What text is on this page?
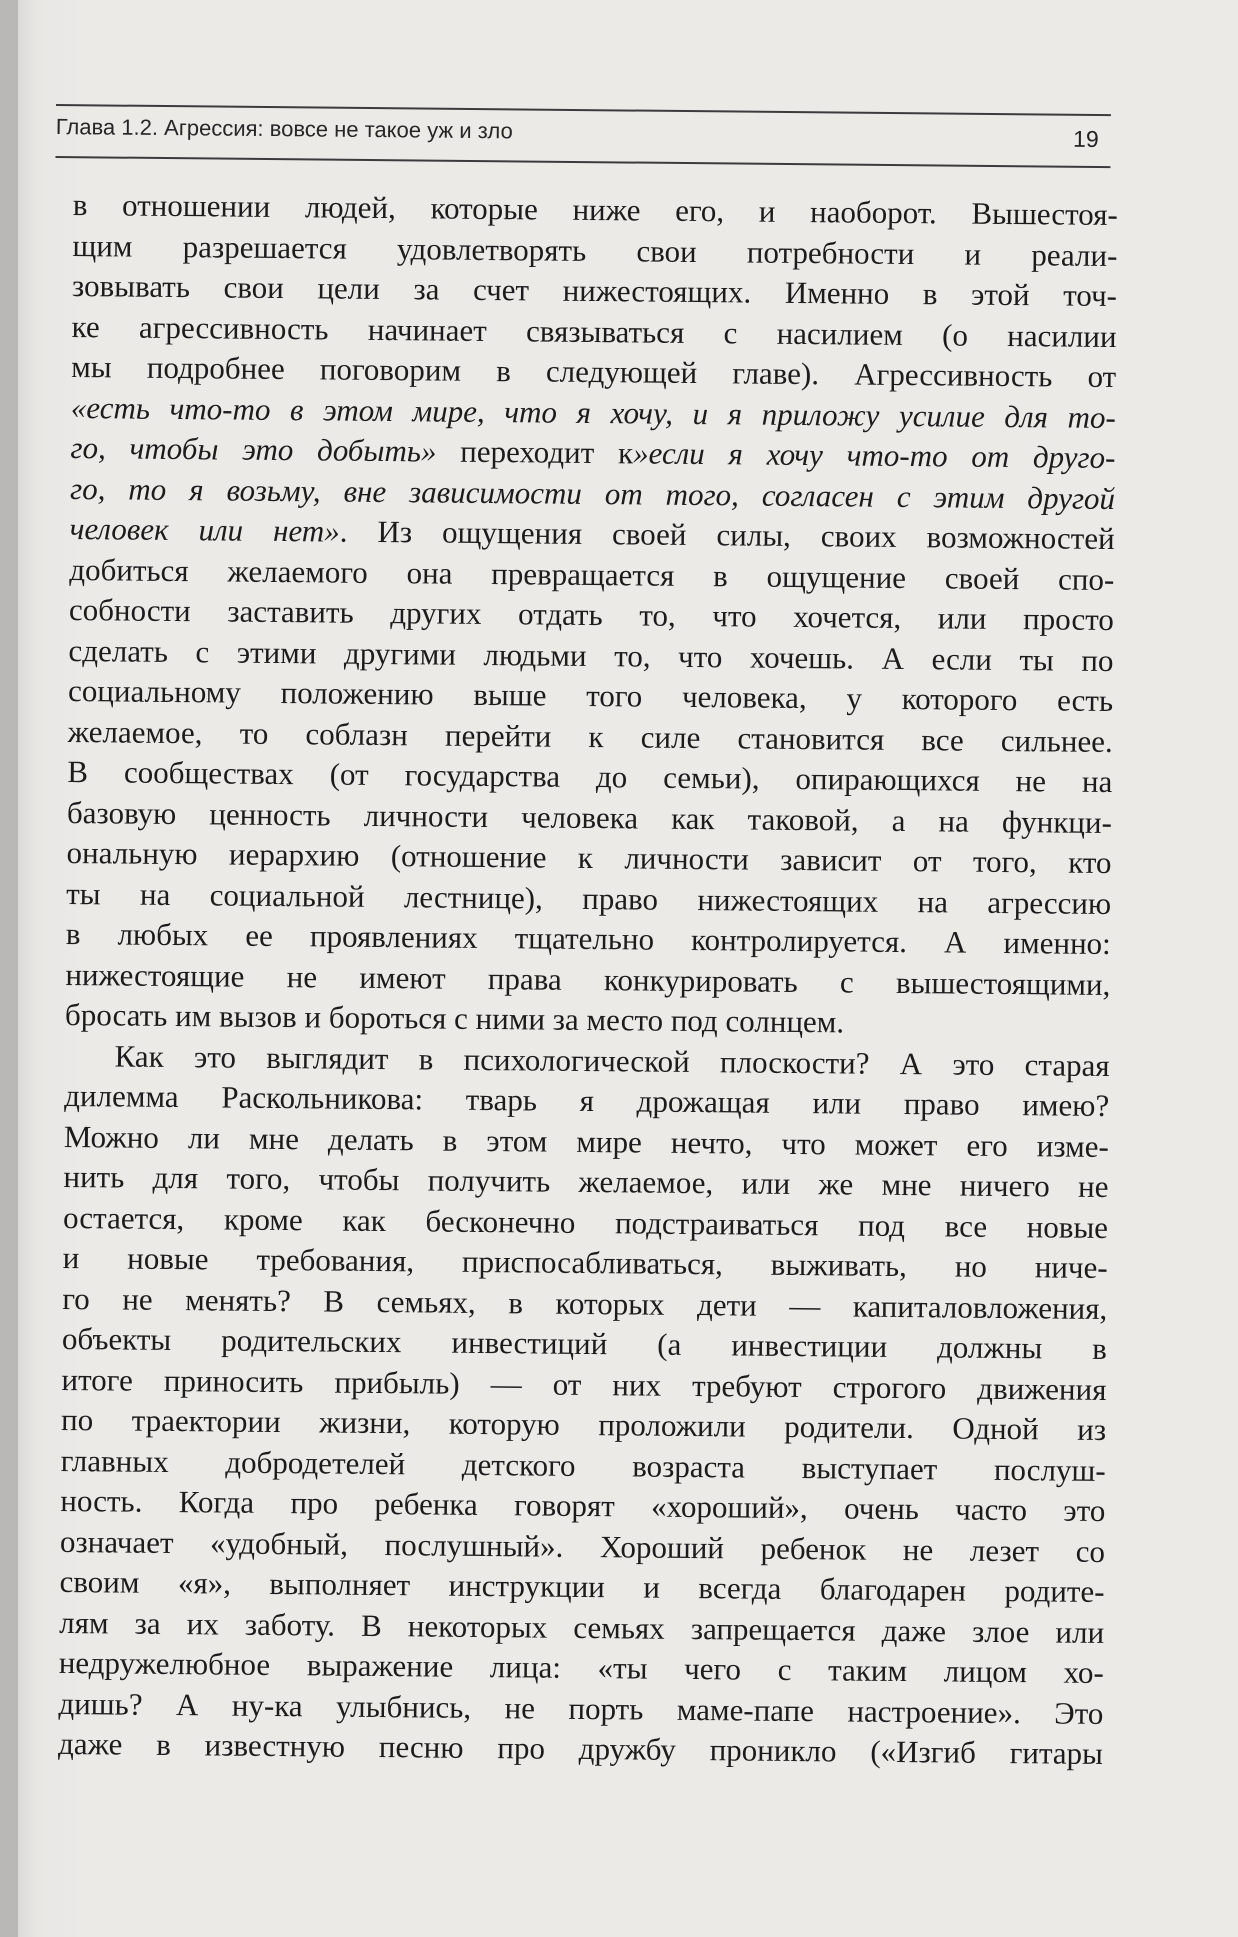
Глава 1.2. Агрессия: вовсе не такое уж и зло	19
в отношении людей, которые ниже его, и наоборот. Вышестоя-
щим разрешается удовлетворять свои потребности и реали-
зовывать свои цели за счет нижестоящих. Именно в этой точ-
ке агрессивность начинает связываться с насилием (о насилии
мы подробнее поговорим в следующей главе). Агрессивность от
«есть что-то в этом мире, что я хочу, и я приложу усилие для то-
го, чтобы это добыть» переходит к»если я хочу что-то от друго-
го, то я возьму, вне зависимости от того, согласен с этим другой
человек или нет». Из ощущения своей силы, своих возможностей
добиться желаемого она превращается в ощущение своей спо-
собности заставить других отдать то, что хочется, или просто
сделать с этими другими людьми то, что хочешь. А если ты по
социальному положению выше того человека, у которого есть
желаемое, то соблазн перейти к силе становится все сильнее.
В сообществах (от государства до семьи), опирающихся не на
базовую ценность личности человека как таковой, а на функци-
ональную иерархию (отношение к личности зависит от того, кто
ты на социальной лестнице), право нижестоящих на агрессию
в любых ее проявлениях тщательно контролируется. А именно:
нижестоящие не имеют права конкурировать с вышестоящими,
бросать им вызов и бороться с ними за место под солнцем.
Как это выглядит в психологической плоскости? А это старая
дилемма Раскольникова: тварь я дрожащая или право имею?
Можно ли мне делать в этом мире нечто, что может его изме-
нить для того, чтобы получить желаемое, или же мне ничего не
остается, кроме как бесконечно подстраиваться под все новые
и новые требования, приспосабливаться, выживать, но ниче-
го не менять? В семьях, в которых дети — капиталовложения,
объекты родительских инвестиций (а инвестиции должны в
итоге приносить прибыль) — от них требуют строгого движения
по траектории жизни, которую проложили родители. Одной из
главных добродетелей детского возраста выступает послуш-
ность. Когда про ребенка говорят «хороший», очень часто это
означает «удобный, послушный». Хороший ребенок не лезет со
своим «я», выполняет инструкции и всегда благодарен родите-
лям за их заботу. В некоторых семьях запрещается даже злое или
недружелюбное выражение лица: «ты чего с таким лицом хо-
дишь? А ну-ка улыбнись, не порть маме-папе настроение». Это
даже в известную песню про дружбу проникло («Изгиб гитары
